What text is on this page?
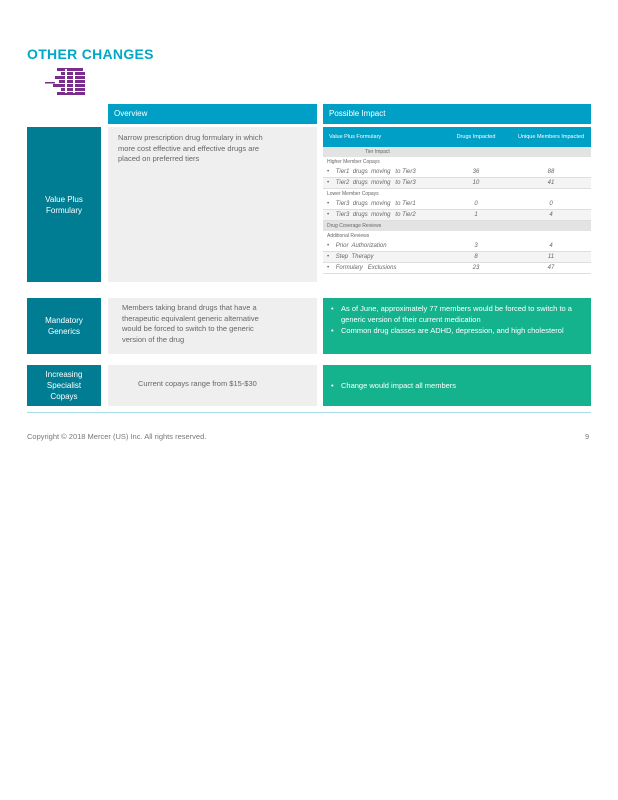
OTHER CHANGES
Overview	Possible Impact
Value Plus
Formulary
Narrow prescription drug formulary in which
more cost effective and effective drugs are
placed on preferred tiers
Value Plus Formulary	Drugs Impacted	Unique Members Impacted
Tier Impact
Higher Member Copays
•    Tier1  drugs  moving   to Tier3	36	88
•    Tier2  drugs  moving   to Tier3	10	41
Lower Member Copays
•    Tier3  drugs  moving   to Tier1	0	0
•    Tier3  drugs  moving   to Tier2	1	4
Drug Coverage Reviews
Additional Reviews
•    Prior  Authorization	3	4
•    Step  Therapy	8	11
•    Formulary   Exclusions	23	47
Mandatory
Generics
Members taking brand drugs that have a
therapeutic equivalent generic alternative
would be forced to switch to the generic
version of the drug
• As of June, approximately 77 members would be forced to switch to a generic version of their current medication
• Common drug classes are ADHD, depression, and high cholesterol
Increasing
Specialist
Copays
Current copays range from $15-$30
•	Change would impact all members
Copyright © 2018 Mercer (US) Inc. All rights reserved.	9
